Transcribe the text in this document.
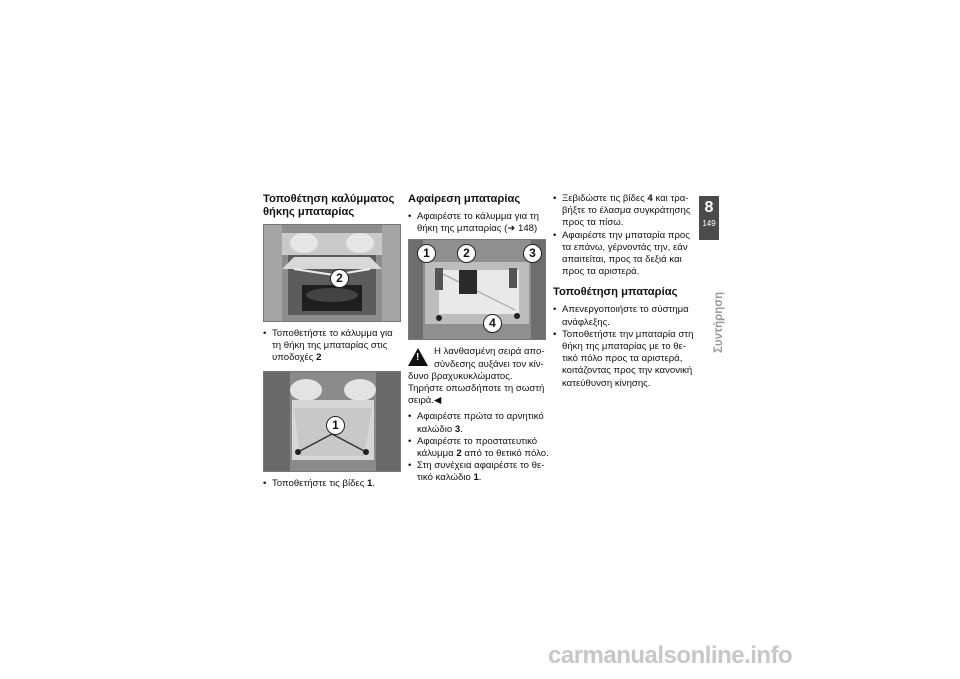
Τοποθέτηση καλύμματος θήκης μπαταρίας
2
• Τοποθετήστε το κάλυμμα για τη θήκη της μπαταρίας στις υποδοχές 2
1
• Τοποθετήστε τις βίδες 1.
Αφαίρεση μπαταρίας
• Αφαιρέστε το κάλυμμα για τη θήκη της μπαταρίας (➜ 148)
1	2	3
4
!
Η λανθασμένη σειρά απο- σύνδεσης αυξάνει τον κίν- δυνο βραχυκυκλώματος. Τηρήστε οπωσδήποτε τη σωστή σειρά.◀
• Αφαιρέστε πρώτα το αρνητικό καλώδιο 3.
• Αφαιρέστε το προστατευτικό κάλυμμα 2 από το θετικό πόλο.
• Στη συνέχεια αφαιρέστε το θε- τικό καλώδιο 1.
• Ξεβιδώστε τις βίδες 4 και τρα- βήξτε το έλασμα συγκράτησης προς τα πίσω.
• Αφαιρέστε την μπαταρία προς τα επάνω, γέρνοντάς την, εάν απαιτείται, προς τα δεξιά και προς τα αριστερά.
Τοποθέτηση μπαταρίας
• Απενεργοποιήστε το σύστημα ανάφλεξης.
• Τοποθετήστε την μπαταρία στη θήκη της μπαταρίας με το θε- τικό πόλο προς τα αριστερά, κοιτάζοντας προς την κανονική κατεύθυνση κίνησης.
8
149
Συντήρηση
carmanualsonline.info
